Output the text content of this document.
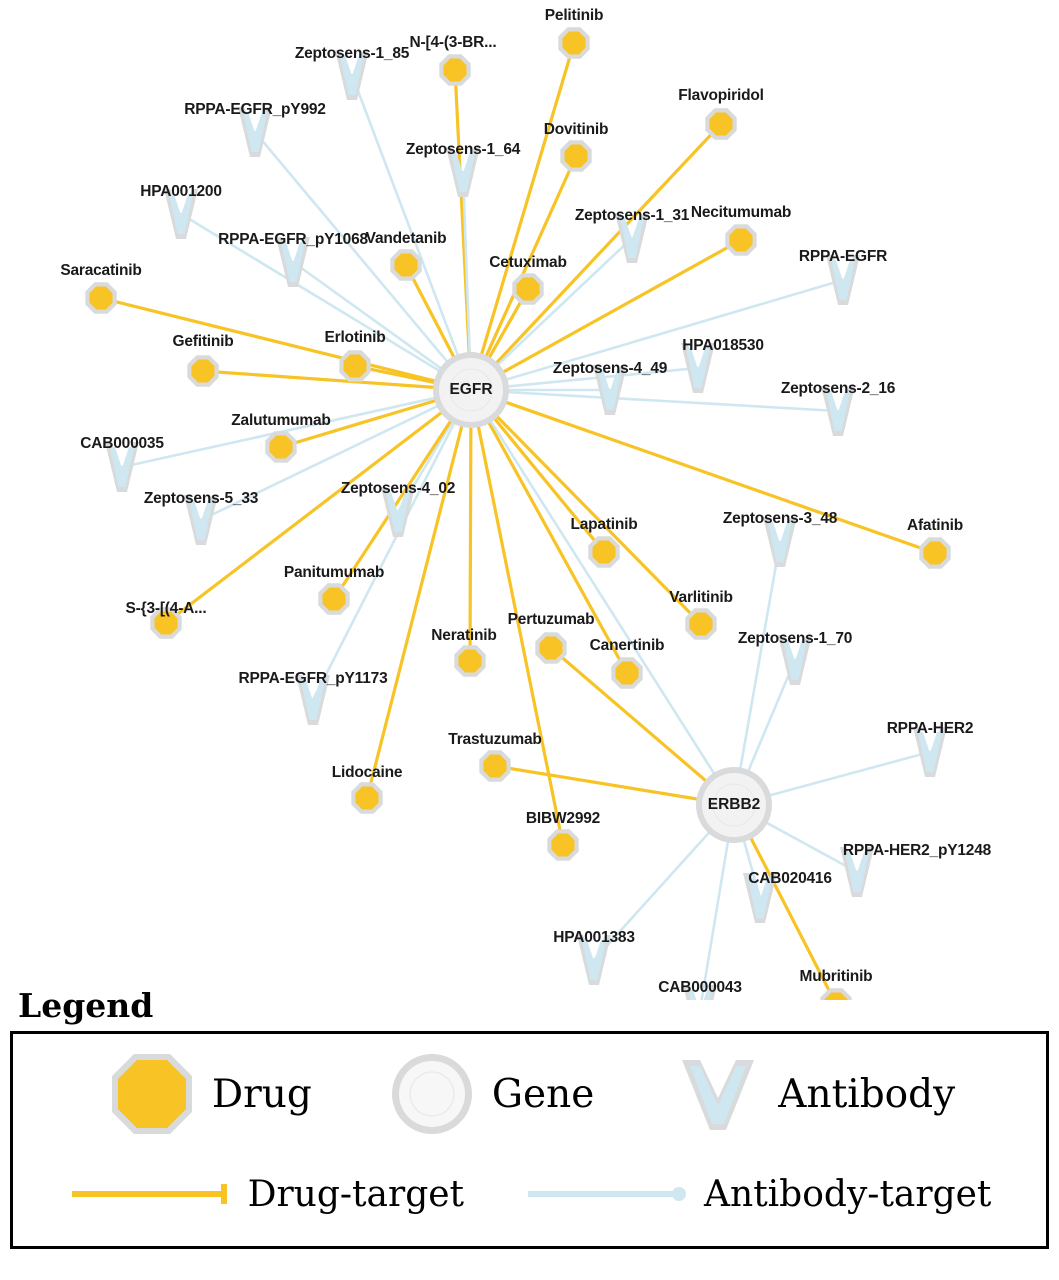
Pelitinib
N-[4-(3-BR...
Zeptosens-1_85
Flavopiridol
Dovitinib
RPPA-EGFR_pY992
Zeptosens-1_64
Necitumumab
Zeptosens-1_31
HPA001200
Vandetanib
RPPA-EGFR_pY1068
RPPA-EGFR
Cetuximab
Saracatinib
HPA018530
Gefitinib	Erlotinib
Zeptosens-4_49
Zeptosens-2_16
Zalutumumab
CAB000035
Zeptosens-4_02
Zeptosens-5_33
Zeptosens-3_48	Afatinib
Lapatinib
Panitumumab
S-{3-[(4-A...
Varlitinib
Pertuzumab
Canertinib
Neratinib	Zeptosens-1_70
RPPA-EGFR_pY1173
RPPA-HER2
Trastuzumab
Lidocaine
BIBW2992
RPPA-HER2_pY1248
CAB020416
HPA001383
CAB000043
Mubritinib
EGFR
ERBB2
Legend
Drug	Gene	Antibody
Drug-target	Antibody-target
